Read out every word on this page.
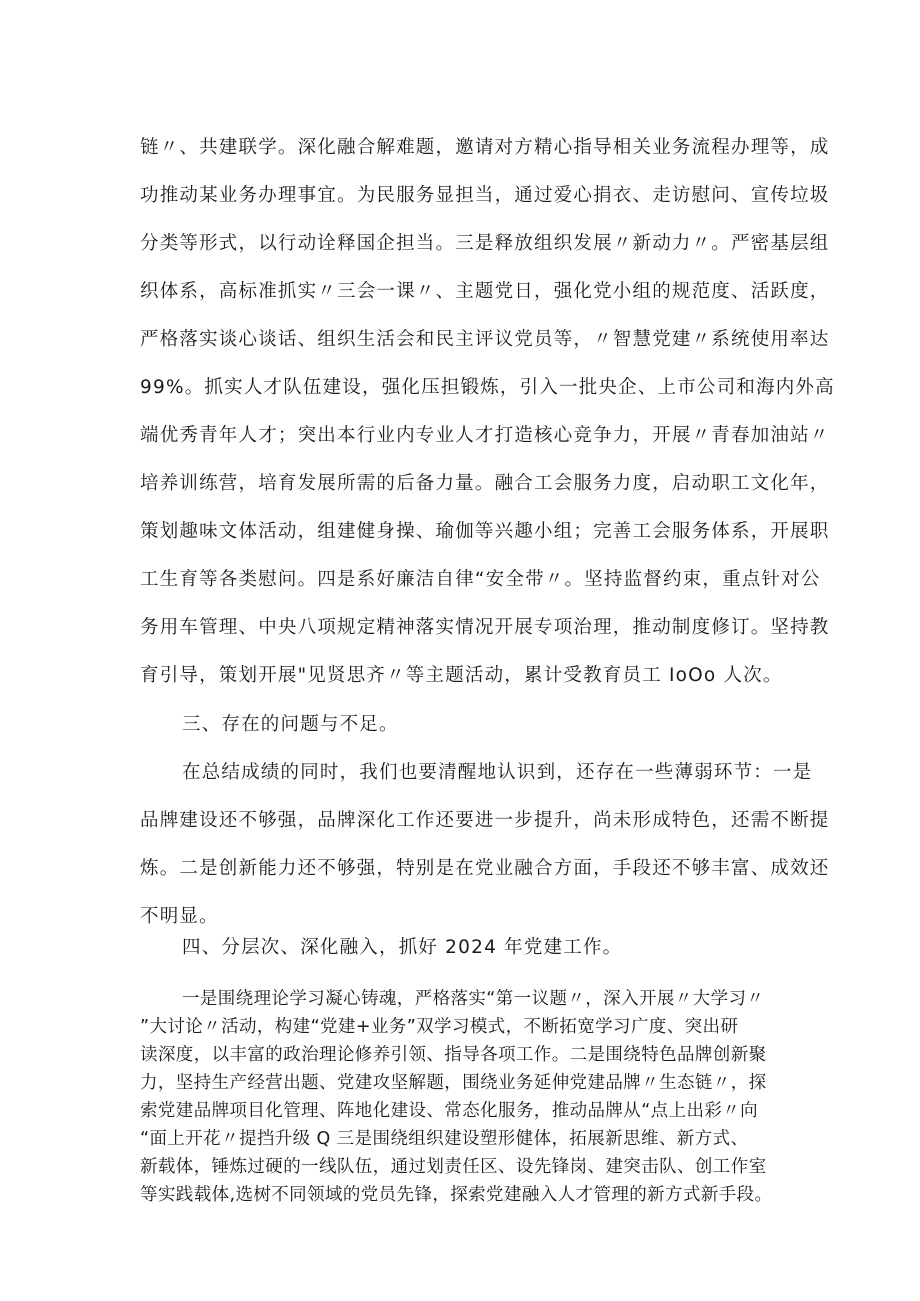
链〃、共建联学。深化融合解难题，邀请对方精心指导相关业务流程办理等，成
功推动某业务办理事宜。为民服务显担当，通过爱心捐衣、走访慰问、宣传垃圾
分类等形式，以行动诠释国企担当。三是释放组织发展〃新动力〃。严密基层组
织体系，高标准抓实〃三会一课〃、主题党日，强化党小组的规范度、活跃度，
严格落实谈心谈话、组织生活会和民主评议党员等，〃智慧党建〃系统使用率达
99%。抓实人才队伍建设，强化压担锻炼，引入一批央企、上市公司和海内外高
端优秀青年人才；突出本行业内专业人才打造核心竞争力，开展〃青春加油站〃
培养训练营，培育发展所需的后备力量。融合工会服务力度，启动职工文化年，
策划趣味文体活动，组建健身操、瑜伽等兴趣小组；完善工会服务体系，开展职
工生育等各类慰问。四是系好廉洁自律“安全带〃。坚持监督约束，重点针对公
务用车管理、中央八项规定精神落实情况开展专项治理，推动制度修订。坚持教
育引导，策划开展"见贤思齐〃等主题活动，累计受教育员工 IoOo 人次。
三、存在的问题与不足。
在总结成绩的同时，我们也要清醒地认识到，还存在一些薄弱环节：一是
品牌建设还不够强，品牌深化工作还要进一步提升，尚未形成特色，还需不断提
炼。二是创新能力还不够强，特别是在党业融合方面，手段还不够丰富、成效还
不明显。
四、分层次、深化融入，抓好 2024 年党建工作。
一是围绕理论学习凝心铸魂，严格落实“第一议题〃，深入开展〃大学习〃
”大讨论〃活动，构建“党建+业务”双学习模式，不断拓宽学习广度、突出研
读深度，以丰富的政治理论修养引领、指导各项工作。二是围绕特色品牌创新聚
力，坚持生产经营出题、党建攻坚解题，围绕业务延伸党建品牌〃生态链〃，探
索党建品牌项目化管理、阵地化建设、常态化服务，推动品牌从“点上出彩〃向
“面上开花〃提挡升级 Q 三是围绕组织建设塑形健体，拓展新思维、新方式、
新载体，锤炼过硬的一线队伍，通过划责任区、设先锋岗、建突击队、创工作室
等实践载体,选树不同领域的党员先锋，探索党建融入人才管理的新方式新手段。
